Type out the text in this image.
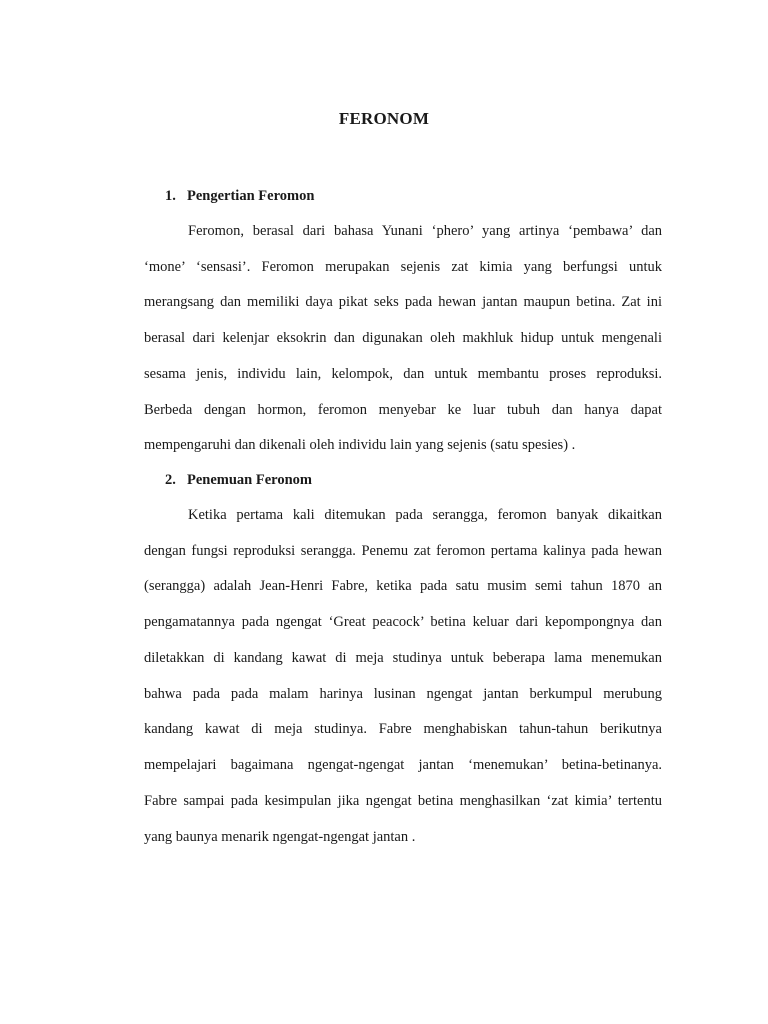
FERONOM
1. Pengertian Feromon
Feromon, berasal dari bahasa Yunani ‘phero’ yang artinya ‘pembawa’ dan
‘mone’ ‘sensasi’. Feromon merupakan sejenis zat kimia yang berfungsi untuk
merangsang dan memiliki daya pikat seks pada hewan jantan maupun betina. Zat ini
berasal dari kelenjar eksokrin dan digunakan oleh makhluk hidup untuk mengenali
sesama jenis, individu lain, kelompok, dan untuk membantu proses reproduksi.
Berbeda dengan hormon, feromon menyebar ke luar tubuh dan hanya dapat
mempengaruhi dan dikenali oleh individu lain yang sejenis (satu spesies) .
2. Penemuan Feronom
Ketika pertama kali ditemukan pada serangga, feromon banyak dikaitkan
dengan fungsi reproduksi serangga. Penemu zat feromon pertama kalinya pada hewan
(serangga) adalah Jean-Henri Fabre, ketika pada satu musim semi tahun 1870 an
pengamatannya pada ngengat ‘Great peacock’ betina keluar dari kepompongnya dan
diletakkan di kandang kawat di meja studinya untuk beberapa lama menemukan
bahwa pada pada malam harinya lusinan ngengat jantan berkumpul merubung
kandang kawat di meja studinya. Fabre menghabiskan tahun-tahun berikutnya
mempelajari bagaimana ngengat-ngengat jantan ‘menemukan’ betina-betinanya.
Fabre sampai pada kesimpulan jika ngengat betina menghasilkan ‘zat kimia’ tertentu
yang baunya menarik ngengat-ngengat jantan .
